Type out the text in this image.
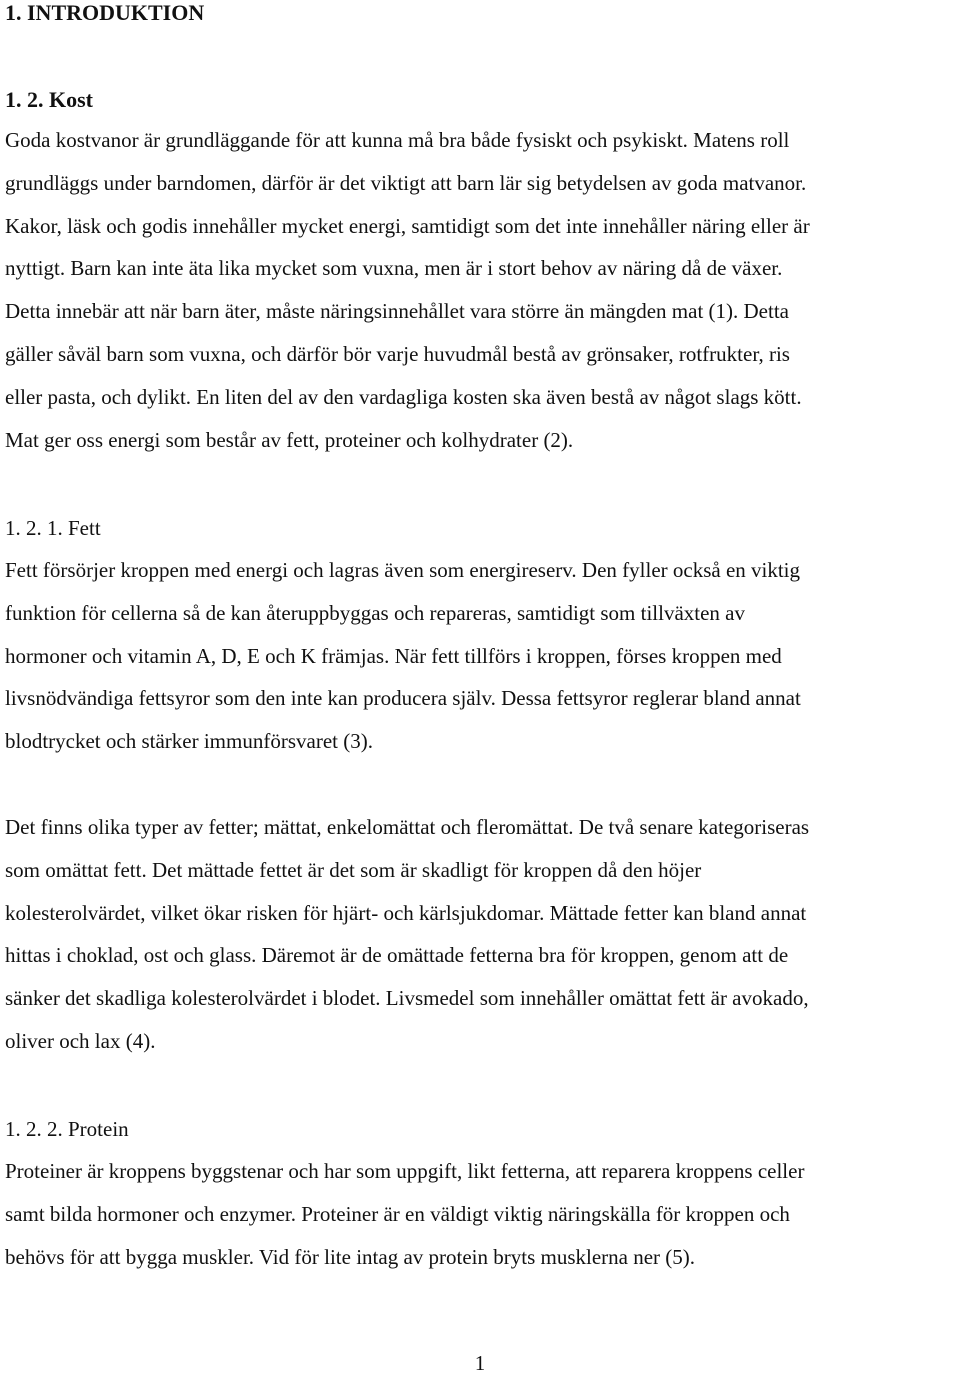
1. INTRODUKTION
1. 2. Kost

Goda kostvanor är grundläggande för att kunna må bra både fysiskt och psykiskt. Matens roll
grundläggs under barndomen, därför är det viktigt att barn lär sig betydelsen av goda matvanor.
Kakor, läsk och godis innehåller mycket energi, samtidigt som det inte innehåller näring eller är
nyttigt. Barn kan inte äta lika mycket som vuxna, men är i stort behov av näring då de växer.
Detta innebär att när barn äter, måste näringsinnehållet vara större än mängden mat (1). Detta
gäller såväl barn som vuxna, och därför bör varje huvudmål bestå av grönsaker, rotfrukter, ris
eller pasta, och dylikt. En liten del av den vardagliga kosten ska även bestå av något slags kött.
Mat ger oss energi som består av fett, proteiner och kolhydrater (2).

1. 2. 1. Fett

Fett försörjer kroppen med energi och lagras även som energireserv. Den fyller också en viktig
funktion för cellerna så de kan återuppbyggas och repareras, samtidigt som tillväxten av
hormoner och vitamin A, D, E och K främjas. När fett tillförs i kroppen, förses kroppen med
livsnödvändiga fettsyror som den inte kan producera själv. Dessa fettsyror reglerar bland annat
blodtrycket och stärker immunförsvaret (3).

Det finns olika typer av fetter; mättat, enkelomättat och fleromättat. De två senare kategoriseras
som omättat fett. Det mättade fettet är det som är skadligt för kroppen då den höjer
kolesterolvärdet, vilket ökar risken för hjärt- och kärlsjukdomar. Mättade fetter kan bland annat
hittas i choklad, ost och glass. Däremot är de omättade fetterna bra för kroppen, genom att de
sänker det skadliga kolesterolvärdet i blodet. Livsmedel som innehåller omättat fett är avokado,
oliver och lax (4).

1. 2. 2. Protein

Proteiner är kroppens byggstenar och har som uppgift, likt fetterna, att reparera kroppens celler
samt bilda hormoner och enzymer. Proteiner är en väldigt viktig näringskälla för kroppen och
behövs för att bygga muskler. Vid för lite intag av protein bryts musklerna ner (5).

1
